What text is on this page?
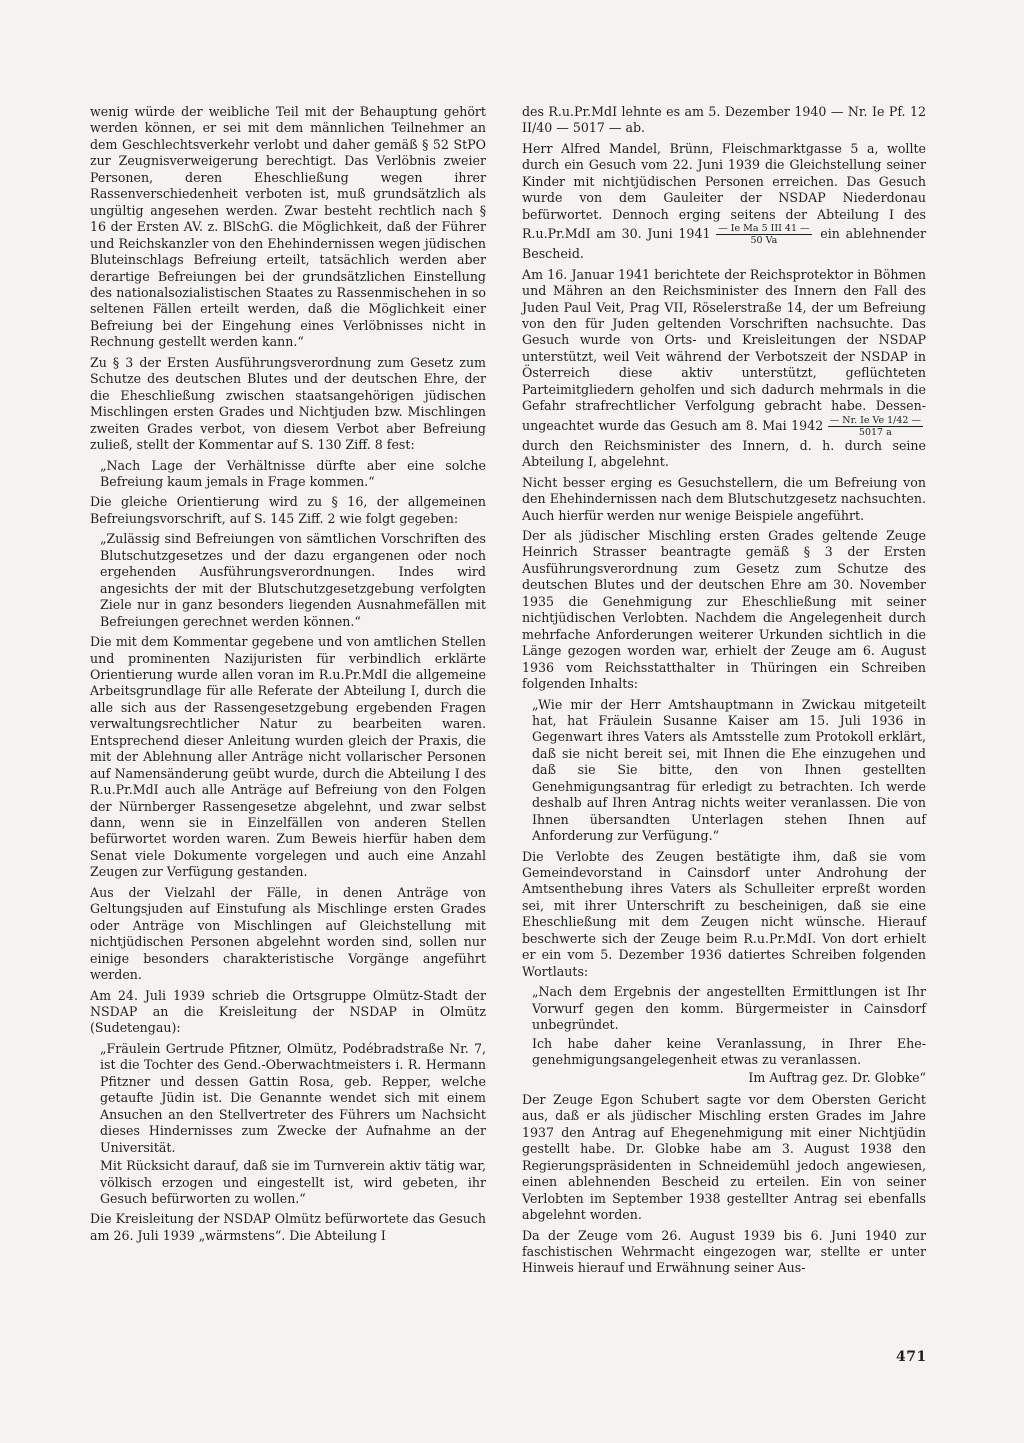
wenig würde der weibliche Teil mit der Behauptung gehört werden können, er sei mit dem männlichen Teilnehmer an dem Geschlechtsverkehr verlobt und daher gemäß § 52 StPO zur Zeugnisverweigerung berechtigt. Das Verlöbnis zweier Personen, deren Eheschließung wegen ihrer Rassenverschiedenheit verboten ist, muß grundsätzlich als ungültig angesehen werden. Zwar besteht rechtlich nach § 16 der Ersten AV. z. BlSchG. die Möglichkeit, daß der Führer und Reichskanzler von den Ehehindernissen wegen jüdischen Bluteinschlags Befreiung erteilt, tatsächlich werden aber derartige Befreiungen bei der grundsätzlichen Einstellung des nationalsozialistischen Staates zu Rassenmischehen in so seltenen Fällen erteilt werden, daß die Möglichkeit einer Befreiung bei der Eingehung eines Verlöbnisses nicht in Rechnung gestellt werden kann.“

Zu § 3 der Ersten Ausführungsverordnung zum Gesetz zum Schutze des deutschen Blutes und der deutschen Ehre, der die Eheschließung zwischen staatsangehörigen jüdischen Mischlingen ersten Grades und Nichtjuden bzw. Mischlingen zweiten Grades verbot, von diesem Verbot aber Befreiung zuließ, stellt der Kommentar auf S. 130 Ziff. 8 fest:

„Nach Lage der Verhältnisse dürfte aber eine solche Befreiung kaum jemals in Frage kommen.“

Die gleiche Orientierung wird zu § 16, der allgemeinen Befreiungsvorschrift, auf S. 145 Ziff. 2 wie folgt gegeben:

„Zulässig sind Befreiungen von sämtlichen Vorschriften des Blutschutzgesetzes und der dazu ergangenen oder noch ergehenden Ausführungsverordnungen. Indes wird angesichts der mit der Blutschutzgesetzgebung verfolgten Ziele nur in ganz besonders liegenden Ausnahmefällen mit Befreiungen gerechnet werden können.“

Die mit dem Kommentar gegebene und von amtlichen Stellen und prominenten Nazijuristen für verbindlich erklärte Orientierung wurde allen voran im R.u.Pr.MdI die allgemeine Arbeitsgrundlage für alle Referate der Abteilung I, durch die alle sich aus der Rassengesetzgebung ergebenden Fragen verwaltungsrechtlicher Natur zu bearbeiten waren. Entsprechend dieser Anleitung wurden gleich der Praxis, die mit der Ablehnung aller Anträge nicht vollarischer Personen auf Namensänderung geübt wurde, durch die Abteilung I des R.u.Pr.MdI auch alle Anträge auf Befreiung von den Folgen der Nürnberger Rassengesetze abgelehnt, und zwar selbst dann, wenn sie in Einzelfällen von anderen Stellen befürwortet worden waren. Zum Beweis hierfür haben dem Senat viele Dokumente vorgelegen und auch eine Anzahl Zeugen zur Verfügung gestanden.

Aus der Vielzahl der Fälle, in denen Anträge von Geltungsjuden auf Einstufung als Mischlinge ersten Grades oder Anträge von Mischlingen auf Gleichstellung mit nichtjüdischen Personen abgelehnt worden sind, sollen nur einige besonders charakteristische Vorgänge angeführt werden.

Am 24. Juli 1939 schrieb die Ortsgruppe Olmütz-Stadt der NSDAP an die Kreisleitung der NSDAP in Olmütz (Sudetengau):

„Fräulein Gertrude Pfitzner, Olmütz, Podébradstraße Nr. 7, ist die Tochter des Gend.-Oberwachtmeisters i. R. Hermann Pfitzner und dessen Gattin Rosa, geb. Repper, welche getaufte Jüdin ist. Die Genannte wendet sich mit einem Ansuchen an den Stellvertreter des Führers um Nachsicht dieses Hindernisses zum Zwecke der Aufnahme an der Universität.

Mit Rücksicht darauf, daß sie im Turnverein aktiv tätig war, völkisch erzogen und eingestellt ist, wird gebeten, ihr Gesuch befürworten zu wollen.“

Die Kreisleitung der NSDAP Olmütz befürwortete das Gesuch am 26. Juli 1939 „wärmstens“. Die Abteilung I

des R.u.Pr.MdI lehnte es am 5. Dezember 1940 — Nr. Ie Pf. 12 II/40 — 5017 — ab.

Herr Alfred Mandel, Brünn, Fleischmarktgasse 5 a, wollte durch ein Gesuch vom 22. Juni 1939 die Gleichstellung seiner Kinder mit nichtjüdischen Personen erreichen. Das Gesuch wurde von dem Gauleiter der NSDAP Niederdonau befürwortet. Dennoch erging seitens der Abteilung I des R.u.Pr.MdI am 30. Juni $1941 \frac{\text{— Ie Ma 5 III 41 —}}{50 Va}$ ein ablehnender Bescheid.

Am 16. Januar 1941 berichtete der Reichsprotektor in Böhmen und Mähren an den Reichsminister des Innern den Fall des Juden Paul Veit, Prag VII, Röselerstraße 14, der um Befreiung von den für Juden geltenden Vorschriften nachsuchte. Das Gesuch wurde von Orts- und Kreisleitungen der NSDAP unterstützt, weil Veit während der Verbotszeit der NSDAP in Österreich diese aktiv unterstützt, geflüchteten Parteimitgliedern geholfen und sich dadurch mehrmals in die Gefahr strafrechtlicher Verfolgung gebracht habe. Dessenungeachtet wurde das Gesuch am 8. Mai $1942 \frac{\text{— Nr. Ie Ve 1/42 —}}{5017 a}$
durch den Reichsminister des Innern, d. h. durch seine Abteilung I, abgelehnt.

Nicht besser erging es Gesuchstellern, die um Befreiung von den Ehehindernissen nach dem Blutschutzgesetz nachsuchten. Auch hierfür werden nur wenige Beispiele angeführt.

Der als jüdischer Mischling ersten Grades geltende Zeuge Heinrich Strasser beantragte gemäß § 3 der Ersten Ausführungsverordnung zum Gesetz zum Schutze des deutschen Blutes und der deutschen Ehre am 30. November 1935 die Genehmigung zur Eheschließung mit seiner nichtjüdischen Verlobten. Nachdem die Angelegenheit durch mehrfache Anforderungen weiterer Urkunden sichtlich in die Länge gezogen worden war, erhielt der Zeuge am 6. August 1936 vom Reichsstatthalter in Thüringen ein Schreiben folgenden Inhalts:

„Wie mir der Herr Amtshauptmann in Zwickau mitgeteilt hat, hat Fräulein Susanne Kaiser am 15. Juli 1936 in Gegenwart ihres Vaters als Amtsstelle zum Protokoll erklärt, daß sie nicht bereit sei, mit Ihnen die Ehe einzugehen und daß sie Sie bitte, den von Ihnen gestellten Genehmigungsantrag für erledigt zu betrachten. Ich werde deshalb auf Ihren Antrag nichts weiter veranlassen. Die von Ihnen übersandten Unterlagen stehen Ihnen auf Anforderung zur Verfügung.“

Die Verlobte des Zeugen bestätigte ihm, daß sie vom Gemeindevorstand in Cainsdorf unter Androhung der Amtsenthebung ihres Vaters als Schulleiter erpreßt worden sei, mit ihrer Unterschrift zu bescheinigen, daß sie eine Eheschließung mit dem Zeugen nicht wünsche. Hierauf beschwerte sich der Zeuge beim R.u.Pr.MdI. Von dort erhielt er ein vom 5. Dezember 1936 datiertes Schreiben folgenden Wortlauts:

„Nach dem Ergebnis der angestellten Ermittlungen ist Ihr Vorwurf gegen den komm. Bürgermeister in Cainsdorf unbegründet.

Ich habe daher keine Veranlassung, in Ihrer Ehegenehmigungsangelegenheit etwas zu veranlassen.

Im Auftrag gez. Dr. Globke“

Der Zeuge Egon Schubert sagte vor dem Obersten Gericht aus, daß er als jüdischer Mischling ersten Grades im Jahre 1937 den Antrag auf Ehegenehmigung mit einer Nichtjüdin gestellt habe. Dr. Globke habe am 3. August 1938 den Regierungspräsidenten in Schneidemühl jedoch angewiesen, einen ablehnenden Bescheid zu erteilen. Ein von seiner Verlobten im September 1938 gestellter Antrag sei ebenfalls abgelehnt worden.

Da der Zeuge vom 26. August 1939 bis 6. Juni 1940 zur faschistischen Wehrmacht eingezogen war, stellte er unter Hinweis hierauf und Erwähnung seiner Aus-

471
